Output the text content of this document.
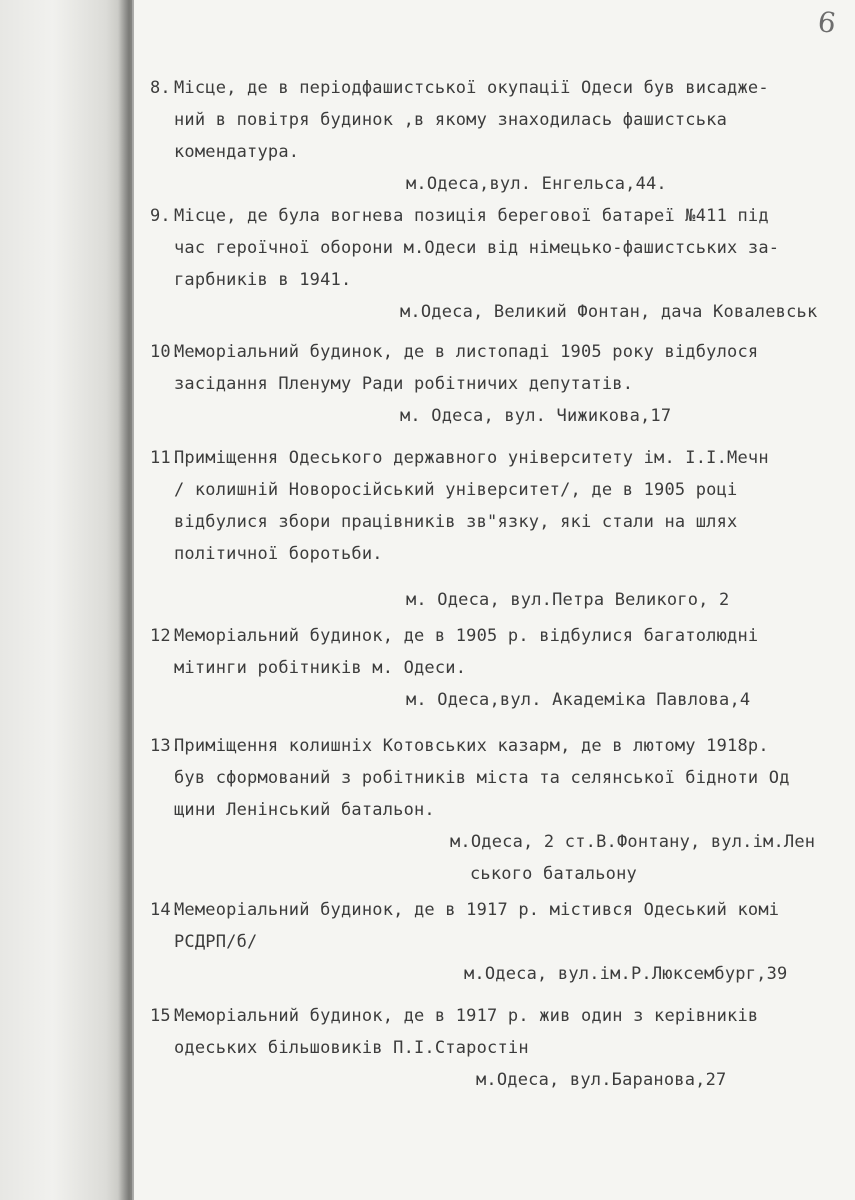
6
8. Місце, де в періодфашистської окупації Одеси був висадже-
ний в повітря будинок ,в якому знаходилась фашистська
комендатура.
м.Одеса,вул. Енгельса,44.
9. Місце, де була вогнева позиція берегової батареї №411 під
час героїчної оборони м.Одеси від німецько-фашистських за-
гарбників в 1941.
м.Одеса, Великий Фонтан, дача Ковалевськ
10.Меморіальний будинок, де в листопаді 1905 року відбулося
засідання Пленуму Ради робітничих депутатів.
м. Одеса, вул. Чижикова,17
11.Приміщення Одеського державного університету ім. І.І.Мечн
/ колишній Новоросійський університет/, де в 1905 році
відбулися збори працівників зв"язку, які стали на шлях
політичної боротьби.
м. Одеса, вул.Петра Великого, 2
12.Меморіальний будинок, де в 1905 р. відбулися багатолюдні
мітинги робітників м. Одеси.
м. Одеса,вул. Академіка Павлова,4
13.Приміщення колишніх Котовських казарм, де в лютому 1918р.
був сформований з робітників міста та селянської бідноти Од
щини Ленінський батальон.
м.Одеса, 2 ст.В.Фонтану, вул.ім.Лен
ського батальону
14.Мемеоріальний будинок, де в 1917 р. містився Одеський комі
РСДРП/б/
м.Одеса, вул.ім.Р.Люксембург,39
15.Меморіальний будинок, де в 1917 р. жив один з керівників
одеських більшовиків П.І.Старостін
м.Одеса, вул.Баранова,27
